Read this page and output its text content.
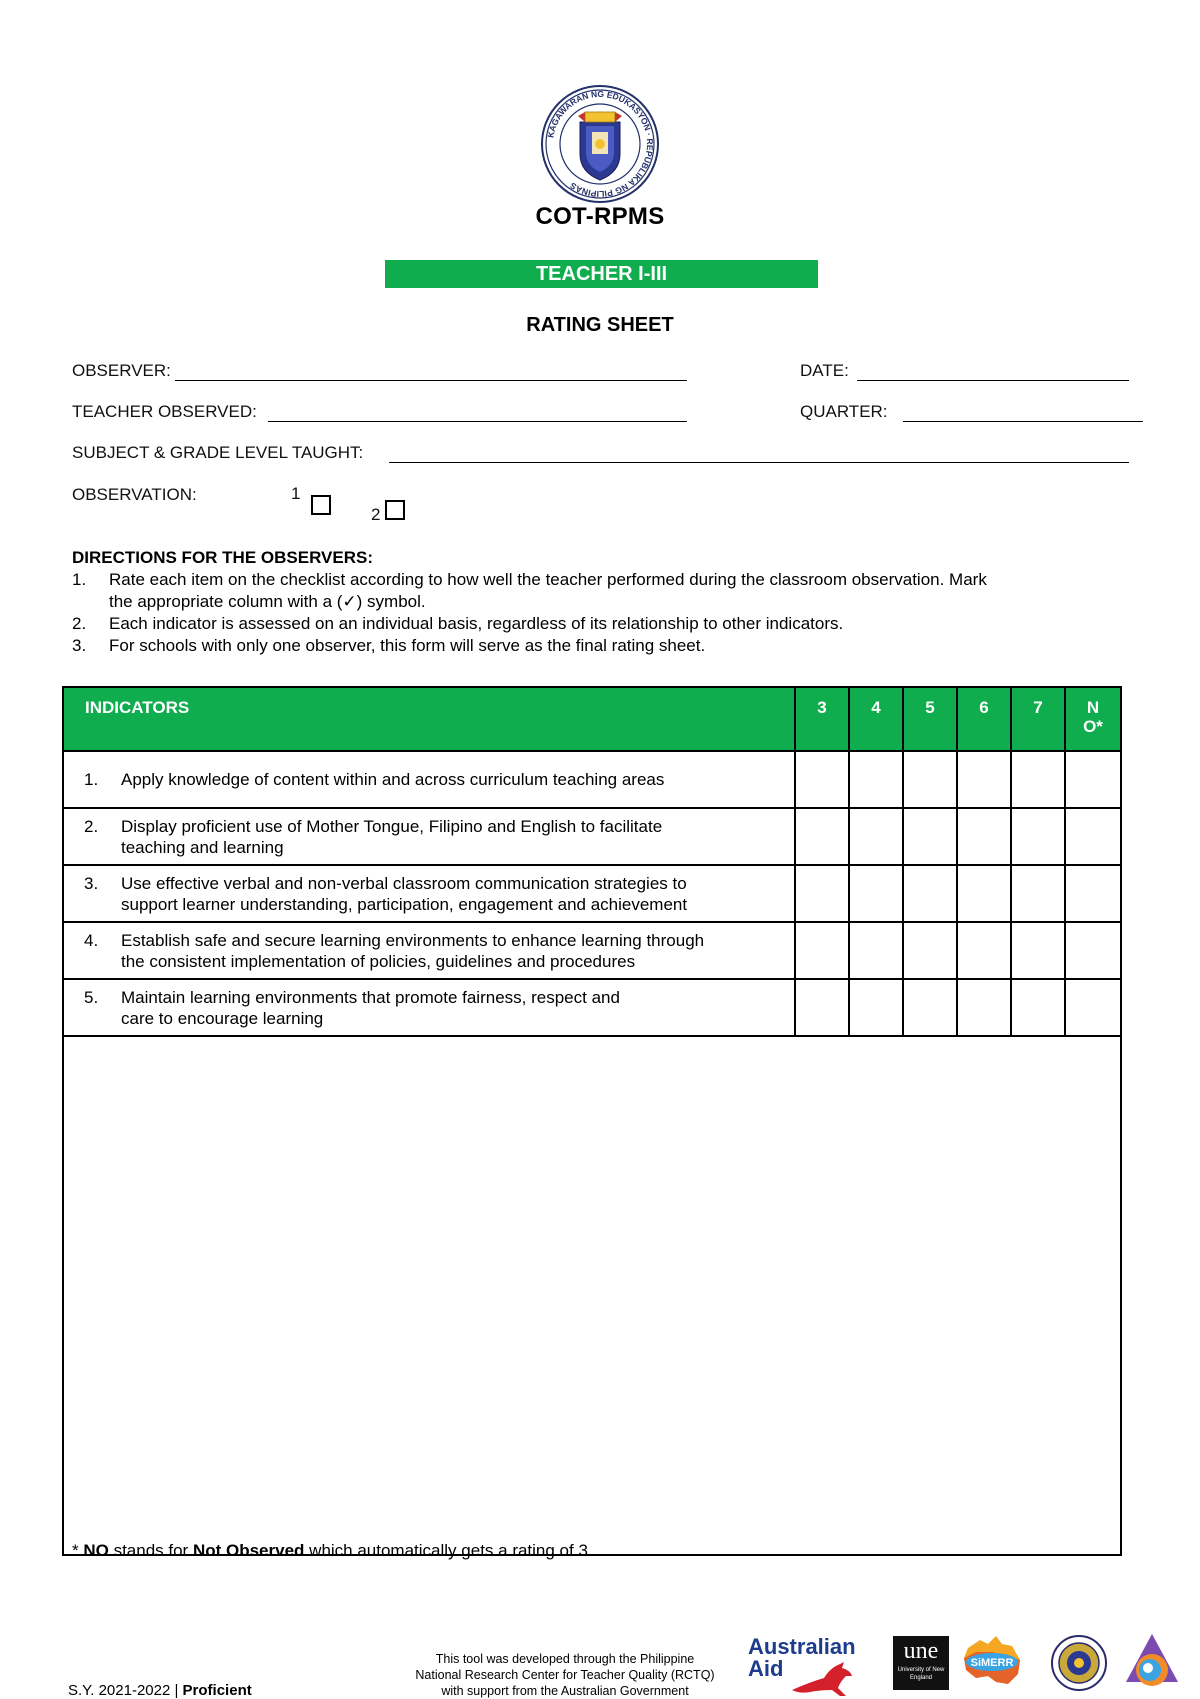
KAGAWARAN NG EDUKASYON · REPUBLIKA NG PILIPINAS
COT-RPMS
TEACHER I-III
RATING SHEET
OBSERVER:	DATE:
TEACHER OBSERVED:	QUARTER:
SUBJECT & GRADE LEVEL TAUGHT:
OBSERVATION:	1
2
DIRECTIONS FOR THE OBSERVERS:
1. Rate each item on the checklist according to how well the teacher performed during the classroom observation. Mark
the appropriate column with a (✓) symbol.
2. Each indicator is assessed on an individual basis, regardless of its relationship to other indicators.
3. For schools with only one observer, this form will serve as the final rating sheet.
INDICATORS	3	4	5	6	7	N
O*

1. Apply knowledge of content within and across curriculum teaching areas						

2. Display proficient use of Mother Tongue, Filipino and English to facilitate
teaching and learning						

3. Use effective verbal and non-verbal classroom communication strategies to
support learner understanding, participation, engagement and achievement						

4. Establish safe and secure learning environments to enhance learning through
the consistent implementation of policies, guidelines and procedures						

5. Maintain learning environments that promote fairness, respect and
care to encourage learning						

* NO stands for Not Observed which automatically gets a rating of 3.
S.Y. 2021-2022 | Proficient
This tool was developed through the Philippine
National Research Center for Teacher Quality (RCTQ)
with support from the Australian Government
Australian
Aid
une
University of New England
SiMERR
